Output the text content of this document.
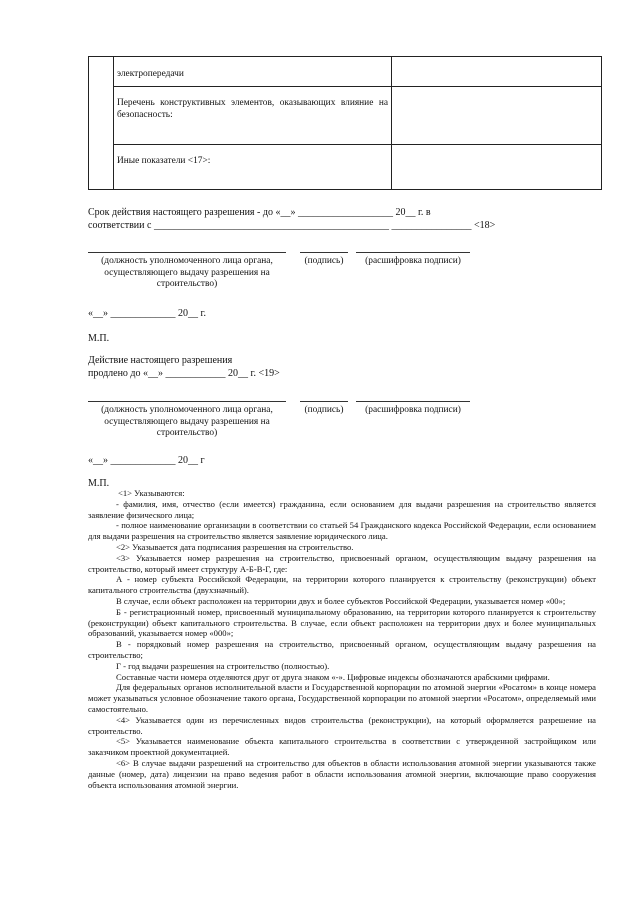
	электропередачи	

	Перечень конструктивных элементов, оказывающих влияние на безопасность:	

	Иные показатели <17>:	

Срок действия настоящего разрешения - до «__» ___________________ 20__ г. в
соответствии с _______________________________________________ ________________ <18>
(должность уполномоченного лица органа, осуществляющего выдачу разрешения на строительство)
(подпись)	(расшифровка подписи)
«__» _____________ 20__ г.
М.П.
Действие настоящего разрешения
продлено до «__» ____________ 20__ г. <19>
(должность уполномоченного лица органа, осуществляющего выдачу разрешения на строительство)
(подпись)	(расшифровка подписи)
«__» _____________ 20__ г
М.П.

<1> Указываются:

- фамилия, имя, отчество (если имеется) гражданина, если основанием для выдачи разрешения на строительство является заявление физического лица;

- полное наименование организации в соответствии со статьей 54 Гражданского кодекса Российской Федерации, если основанием для выдачи разрешения на строительство является заявление юридического лица.

<2> Указывается дата подписания разрешения на строительство.

<3> Указывается номер разрешения на строительство, присвоенный органом, осуществляющим выдачу разрешения на строительство, который имеет структуру А-Б-В-Г, где:

А - номер субъекта Российской Федерации, на территории которого планируется к строительству (реконструкции) объект капитального строительства (двухзначный).

В случае, если объект расположен на территории двух и более субъектов Российской Федерации, указывается номер «00»;

Б - регистрационный номер, присвоенный муниципальному образованию, на территории которого планируется к строительству (реконструкции) объект капитального строительства. В случае, если объект расположен на территории двух и более муниципальных образований, указывается номер «000»;

В - порядковый номер разрешения на строительство, присвоенный органом, осуществляющим выдачу разрешения на строительство;

Г - год выдачи разрешения на строительство (полностью).

Составные части номера отделяются друг от друга знаком «-». Цифровые индексы обозначаются арабскими цифрами.

Для федеральных органов исполнительной власти и Государственной корпорации по атомной энергии «Росатом» в конце номера может указываться условное обозначение такого органа, Государственной корпорации по атомной энергии «Росатом», определяемый ими самостоятельно.

<4> Указывается один из перечисленных видов строительства (реконструкции), на который оформляется разрешение на строительство.

<5> Указывается наименование объекта капитального строительства в соответствии с утвержденной застройщиком или заказчиком проектной документацией.

<6> В случае выдачи разрешений на строительство для объектов в области использования атомной энергии указываются также данные (номер, дата) лицензии на право ведения работ в области использования атомной энергии, включающие право сооружения объекта использования атомной энергии.
